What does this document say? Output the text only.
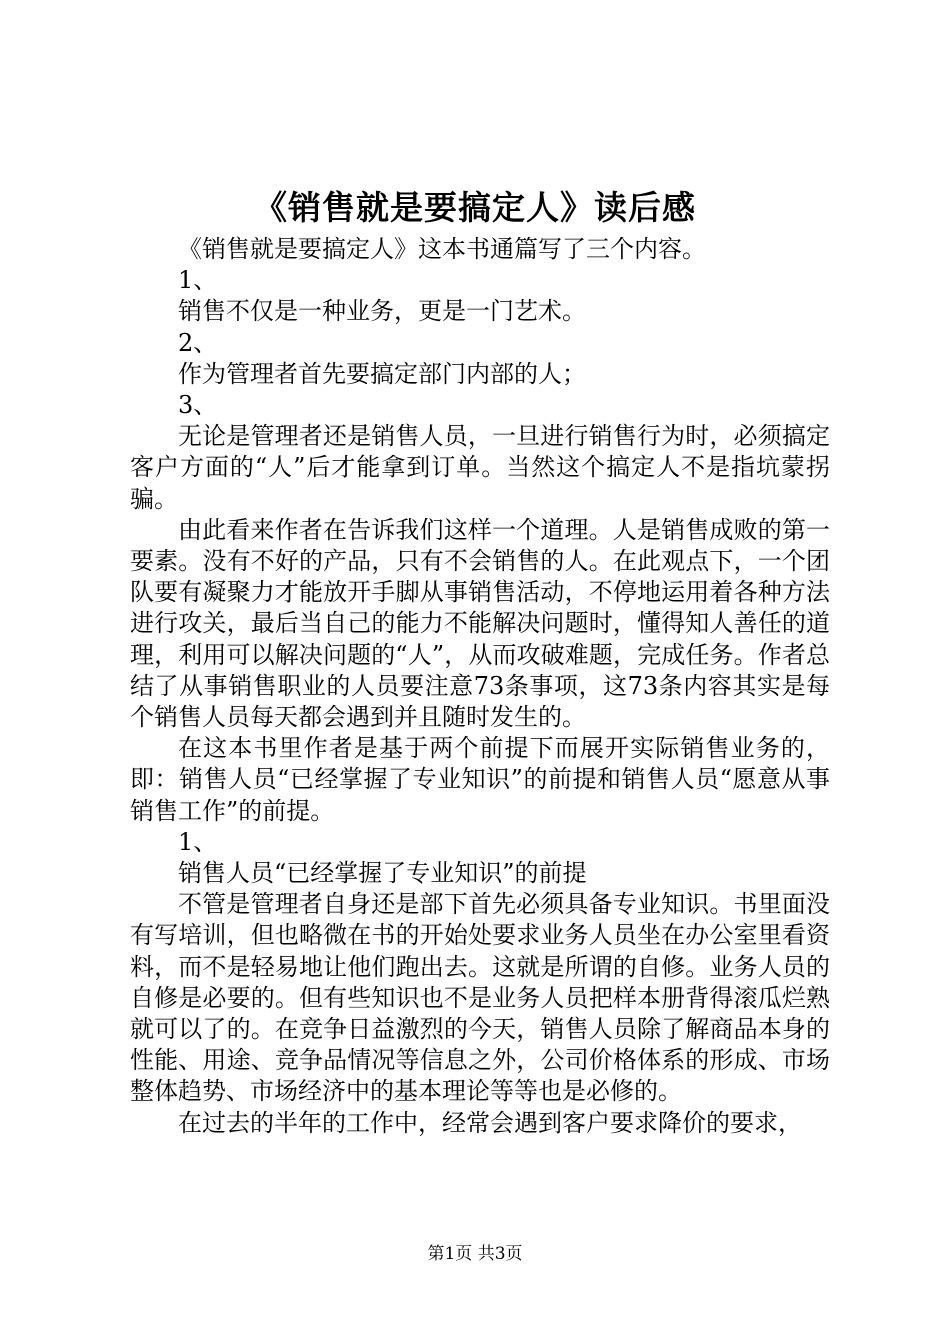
《销售就是要搞定人》读后感

《销售就是要搞定人》这本书通篇写了三个内容。

1、

销售不仅是一种业务，更是一门艺术。

2、

作为管理者首先要搞定部门内部的人；

3、

无论是管理者还是销售人员，一旦进行销售行为时，必须搞定客户方面的“人”后才能拿到订单。当然这个搞定人不是指坑蒙拐骗。

由此看来作者在告诉我们这样一个道理。人是销售成败的第一要素。没有不好的产品，只有不会销售的人。在此观点下，一个团队要有凝聚力才能放开手脚从事销售活动，不停地运用着各种方法进行攻关，最后当自己的能力不能解决问题时，懂得知人善任的道理，利用可以解决问题的“人”，从而攻破难题，完成任务。作者总结了从事销售职业的人员要注意73条事项，这73条内容其实是每个销售人员每天都会遇到并且随时发生的。

在这本书里作者是基于两个前提下而展开实际销售业务的，即：销售人员“已经掌握了专业知识”的前提和销售人员“愿意从事销售工作”的前提。

1、

销售人员“已经掌握了专业知识”的前提

不管是管理者自身还是部下首先必须具备专业知识。书里面没有写培训，但也略微在书的开始处要求业务人员坐在办公室里看资料，而不是轻易地让他们跑出去。这就是所谓的自修。业务人员的自修是必要的。但有些知识也不是业务人员把样本册背得滚瓜烂熟就可以了的。在竞争日益激烈的今天，销售人员除了解商品本身的性能、用途、竞争品情况等信息之外，公司价格体系的形成、市场整体趋势、市场经济中的基本理论等等也是必修的。

在过去的半年的工作中，经常会遇到客户要求降价的要求，

第1页 共3页
